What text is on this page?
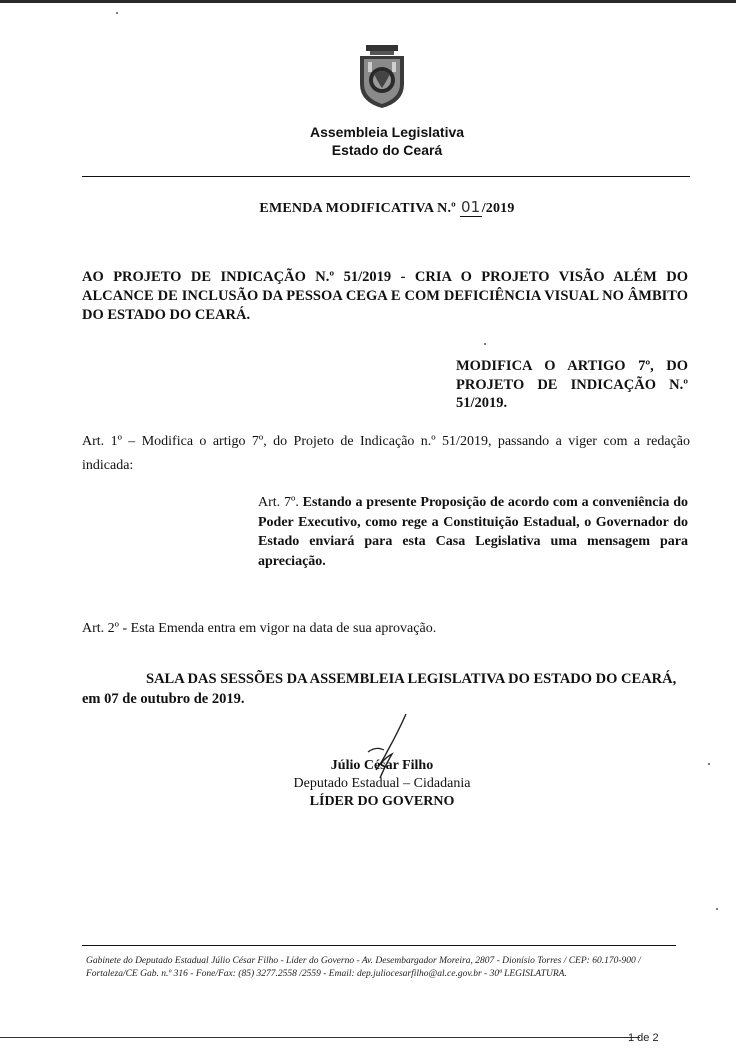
Assembleia Legislativa
Estado do Ceará
EMENDA MODIFICATIVA N.º 01/2019
AO PROJETO DE INDICAÇÃO N.º 51/2019 - CRIA O PROJETO VISÃO ALÉM DO ALCANCE DE INCLUSÃO DA PESSOA CEGA E COM DEFICIÊNCIA VISUAL NO ÂMBITO DO ESTADO DO CEARÁ.
MODIFICA O ARTIGO 7º, DO PROJETO DE INDICAÇÃO N.º 51/2019.
Art. 1º – Modifica o artigo 7º, do Projeto de Indicação n.º 51/2019, passando a viger com a redação indicada:
Art. 7º. Estando a presente Proposição de acordo com a conveniência do Poder Executivo, como rege a Constituição Estadual, o Governador do Estado enviará para esta Casa Legislativa uma mensagem para apreciação.
Art. 2º - Esta Emenda entra em vigor na data de sua aprovação.
SALA DAS SESSÕES DA ASSEMBLEIA LEGISLATIVA DO ESTADO DO CEARÁ, em 07 de outubro de 2019.
Júlio César Filho
Deputado Estadual – Cidadania
LÍDER DO GOVERNO
Gabinete do Deputado Estadual Júlio César Filho - Líder do Governo - Av. Desembargador Moreira, 2807 - Dionísio Torres / CEP: 60.170-900 /
Fortaleza/CE Gab. n.º 316 - Fone/Fax: (85) 3277.2558 /2559 - Email: dep.juliocesarfilho@al.ce.gov.br - 30ª LEGISLATURA.
1 de 2
